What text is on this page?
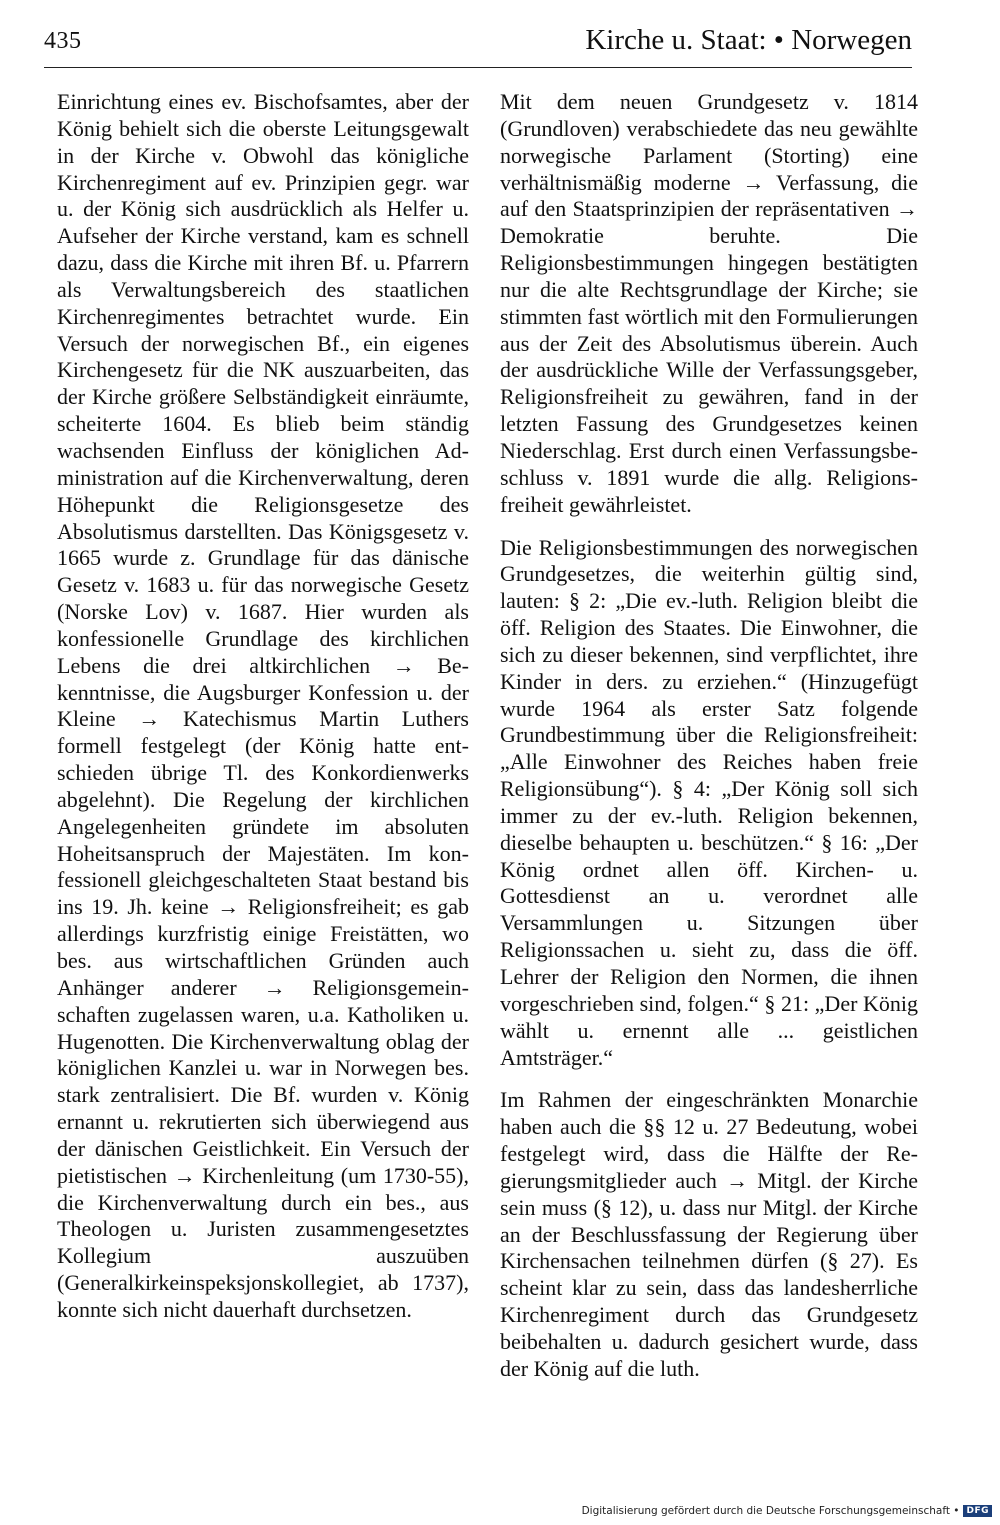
435	Kirche u. Staat: • Norwegen

Einrichtung eines ev. Bischofsamtes, aber der König behielt sich die oberste Leitungsgewalt in der Kirche v. Obwohl das königliche Kirchenregiment auf ev. Prinzipien gegr. war u. der König sich ausdrücklich als Helfer u. Aufseher der Kirche verstand, kam es schnell dazu, dass die Kirche mit ihren Bf. u. Pfarrern als Verwaltungsbereich des staatlichen Kirchenregimentes betrachtet wurde. Ein Versuch der norwegischen Bf., ein eigenes Kirchengesetz für die NK auszuarbeiten, das der Kirche größere Selbständigkeit einräumte, scheiterte 1604. Es blieb beim ständig wachsenden Einfluss der königlichen Administration auf die Kirchenverwaltung, deren Höhepunkt die Religionsgesetze des Absolutismus darstellten. Das Königsgesetz v. 1665 wurde z. Grundlage für das dänische Gesetz v. 1683 u. für das norwegische Gesetz (Norske Lov) v. 1687. Hier wurden als konfessionelle Grundlage des kirchlichen Lebens die drei altkirchlichen → Bekenntnisse, die Augsburger Konfession u. der Kleine → Katechismus Martin Luthers formell festgelegt (der König hatte entschieden übrige Tl. des Konkordienwerks abgelehnt). Die Regelung der kirchlichen Angelegenheiten gründete im absoluten Hoheitsanspruch der Majestäten. Im konfessionell gleichgeschalteten Staat bestand bis ins 19. Jh. keine → Religionsfreiheit; es gab allerdings kurzfristig einige Freistätten, wo bes. aus wirtschaftlichen Gründen auch Anhänger anderer → Religionsgemeinschaften zugelassen waren, u.a. Katholiken u. Hugenotten. Die Kirchenverwaltung oblag der königlichen Kanzlei u. war in Norwegen bes. stark zentralisiert. Die Bf. wurden v. König ernannt u. rekrutierten sich überwiegend aus der dänischen Geistlichkeit. Ein Versuch der pietistischen → Kirchenleitung (um 1730-55), die Kirchenverwaltung durch ein bes., aus Theologen u. Juristen zusammengesetztes Kollegium auszuüben (Generalkirkeinspeksjonskollegiet, ab 1737), konnte sich nicht dauerhaft durchsetzen.

Mit dem neuen Grundgesetz v. 1814 (Grundloven) verabschiedete das neu gewählte norwegische Parlament (Storting) eine verhältnismäßig moderne → Verfassung, die auf den Staatsprinzipien der repräsentativen → Demokratie beruhte. Die Religionsbestimmungen hingegen bestätigten nur die alte Rechtsgrundlage der Kirche; sie stimmten fast wörtlich mit den Formulierungen aus der Zeit des Absolutismus überein. Auch der ausdrückliche Wille der Verfassungsgeber, Religionsfreiheit zu gewähren, fand in der letzten Fassung des Grundgesetzes keinen Niederschlag. Erst durch einen Verfassungsbeschluss v. 1891 wurde die allg. Religionsfreiheit gewährleistet.

Die Religionsbestimmungen des norwegischen Grundgesetzes, die weiterhin gültig sind, lauten: § 2: „Die ev.-luth. Religion bleibt die öff. Religion des Staates. Die Einwohner, die sich zu dieser bekennen, sind verpflichtet, ihre Kinder in ders. zu erziehen.“ (Hinzugefügt wurde 1964 als erster Satz folgende Grundbestimmung über die Religionsfreiheit: „Alle Einwohner des Reiches haben freie Religionsübung“). § 4: „Der König soll sich immer zu der ev.-luth. Religion bekennen, dieselbe behaupten u. beschützen.“ § 16: „Der König ordnet allen öff. Kirchen- u. Gottesdienst an u. verordnet alle Versammlungen u. Sitzungen über Religionssachen u. sieht zu, dass die öff. Lehrer der Religion den Normen, die ihnen vorgeschrieben sind, folgen.“ § 21: „Der König wählt u. ernennt alle ... geistlichen Amtsträger.“

Im Rahmen der eingeschränkten Monarchie haben auch die §§ 12 u. 27 Bedeutung, wobei festgelegt wird, dass die Hälfte der Regierungsmitglieder auch → Mitgl. der Kirche sein muss (§ 12), u. dass nur Mitgl. der Kirche an der Beschlussfassung der Regierung über Kirchensachen teilnehmen dürfen (§ 27). Es scheint klar zu sein, dass das landesherrliche Kirchenregiment durch das Grundgesetz beibehalten u. dadurch gesichert wurde, dass der König auf die luth.

Digitalisierung gefördert durch die Deutsche Forschungsgemeinschaft • DFG
